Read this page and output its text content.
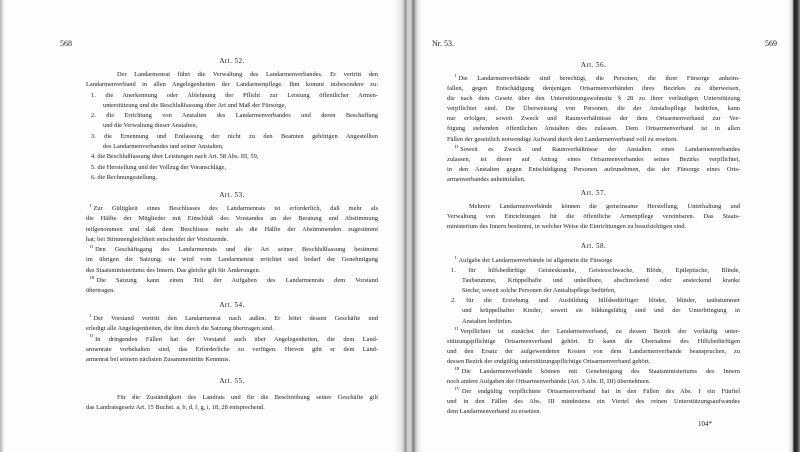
568	Nr. 53.	569
104*
Art. 52.
Der Landarmenrat führt die Verwaltung des Landarmenverbandes. Er vertritt den
Landarmenverband in allen Angelegenheiten der Landarmenpflege. Ihm kommt insbesondere zu:
1. die Anerkennung oder Ablehnung der Pflicht zur Leistung öffentlicher Armen-
unterstützung und die Beschlußfassung über Art und Maß der Fürsorge,
2. die Errichtung von Anstalten des Landarmenverbandes und deren Beschaffung
und die Verwaltung dieser Anstalten,
3. die Ernennung und Entlassung der nicht zu den Beamten gehörigen Angestellten
des Landarmenverbandes und seiner Anstalten,
4. die Beschlußfassung über Leistungen nach Art. 58 Abs. III, 59,
5. die Herstellung und der Vollzug der Voranschläge,
6. die Rechnungsstellung.
Art. 53.
$^I$ Zur Gültigkeit eines Beschlusses des Landarmenrats ist erforderlich, daß mehr als
die Hälfte der Mitglieder mit Einschluß des Vorstandes an der Beratung und Abstimmung
teilgenommen und daß dem Beschlusse mehr als die Hälfte der Abstimmenden zugestimmt
hat; bei Stimmengleichheit entscheidet der Vorsitzende.
$^{II}$ Den Geschäftsgang des Landarmenrats und die Art seiner Beschlußfassung bestimmt
im übrigen die Satzung; sie wird vom Landarmenrat errichtet und bedarf der Genehmigung
des Staatsministeriums des Innern. Das gleiche gilt für Änderungen.
$^{III}$ Die Satzung kann einen Teil der Aufgaben des Landarmenrats dem Vorstand
übertragen.
Art. 54.
$^I$ Der Vorstand vertritt den Landarmenrat nach außen. Er leitet dessen Geschäfte und
erledigt alle Angelegenheiten, die ihm durch die Satzung übertragen sind.
$^{II}$ In dringenden Fällen hat der Vorstand auch über Angelegenheiten, die dem Land-
armenrate vorbehalten sind, das Erforderliche zu verfügen. Hievon gibt er dem Land-
armenrat bei seinem nächsten Zusammentritte Kenntnis.
Art. 55.
Für die Zuständigkeit des Landrats und für die Beschreibung seiner Geschäfte gilt
das Landratsgesetz Art. 15 Buchst. a, b, d, f, g, i, 18, 28 entsprechend.
Art. 56.
$^I$ Die Landarmenverbände sind berechtigt, die Personen, die ihrer Fürsorge anheim-
fallen, gegen Entschädigung denjenigen Ortsarmenverbänden ihres Bezirkes zu überweisen,
die nach dem Gesetz über den Unterstützungswohnsitz § 28 zu ihrer vorläufigen Unterstützung
verpflichtet sind. Die Überweisung von Personen, die der Anstaltspflege bedürfen, kann
nur erfolgen, soweit Zweck und Raumverhältnisse der dem Ortsarmenverband zur Ver-
fügung stehenden öffentlichen Anstalten dies zulassen. Dem Ortsarmenverband ist in allen
Fällen der gesetzlich notwendige Aufwand durch den Landarmenverband voll zu ersetzen.
$^{II}$ Soweit es Zweck und Raumverhältnisse der Anstalten eines Landarmenverbandes
zulassen, ist dieser auf Antrag eines Ortsarmenverbandes seines Bezirks verpflichtet,
in den Anstalten gegen Entschädigung Personen aufzunehmen, die der Fürsorge eines Orts-
armenverbandes anheimfallen.
Art. 57.
Mehrere Landarmenverbände können die gemeinsame Herstellung, Unterhaltung und
Verwaltung von Einrichtungen für die öffentliche Armenpflege vereinbaren. Das Staats-
ministerium des Innern bestimmt, in welcher Weise die Einrichtungen zu beaufsichtigen sind.
Art. 58.
$^I$ Aufgabe der Landarmenverbände ist allgemein die Fürsorge
1. für hilfsbedürftige Geisteskranke, Geistesschwache, Blöde, Epileptische, Blinde,
Taubstumme, Krüppelhafte und unheilbare, abschreckend oder ansteckend kranke
Sieche, soweit solche Personen der Anstaltspflege bedürfen,
2. für die Erziehung und Ausbildung hilfsbedürftiger blöder, blinder, taubstummer
und krüppelhafter Kinder, soweit sie bildungsfähig sind und der Unterbringung in
Anstalten bedürfen.
$^{II}$ Verpflichtet ist zunächst der Landarmenverband, zu dessen Bezirk der vorläufig unter-
stützungspflichtige Ortsarmenverband gehört. Er kann die Übernahme des Hilfsbedürftigen
und den Ersatz der aufgewendeten Kosten von dem Landarmenverbande beanspruchen, zu
dessen Bezirk der endgültig unterstützungspflichtige Ortsarmenverband gehört.
$^{III}$ Die Landarmenverbände können mit Genehmigung des Staatsministeriums des Innern
noch andere Aufgaben der Ortsarmenverbände (Art. 3 Abs. II, III) übernehmen.
$^{IV}$ Der endgültig verpflichtete Ortsarmenverband hat in den Fällen des Abs. I ein Fünftel
und in den Fällen des Abs. III mindestens ein Viertel des reinen Unterstützungsaufwandes
dem Landarmenverband zu ersetzen.
